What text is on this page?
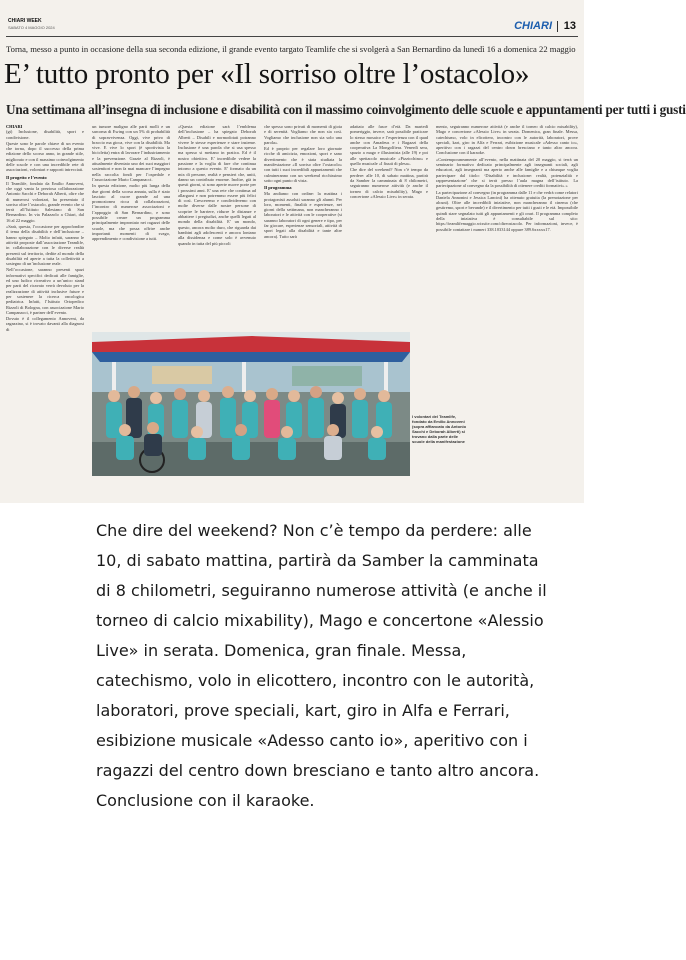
CHIARI WEEK
SABATO 4 MAGGIO 2024	CHIARI 13
Torna, messo a punto in occasione della sua seconda edizione, il grande evento targato Teamlife che si svolgerà a San Bernardino da lunedì 16 a domenica 22 maggio
E’ tutto pronto per «Il sorriso oltre l’ostacolo»
Una settimana all’insegna di inclusione e disabilità con il massimo coinvolgimento delle scuole e appuntamenti per tutti i gusti
CHIARI

(gt) Inclusione, disabilità, sport e condivisione.

Queste sono le parole chiave di un evento che torna, dopo il successo della prima edizione dello scorso anno, in grande stile, migliorato e con il massimo coinvolgimento delle scuole e con una incredibile rete di associazioni, volontari e rapporti intrecciati.

Il progetto e l’evento

Il Teamlife, fondato da Emilio Annoveni, che oggi vanta la preziosa collaborazione Antonio Sacchi e Deborah Alberti, oltre che di numerosi volontari, ha presentato il sorriso oltre l’ostacolo, grande evento che si terrà all’Istituto Salesiano di San Bernardino. In via Palazzolo a Chiari, dal 16 al 22 maggio.

«Sarà, questa, l’occasione per approfondire il tema della disabilità e dell’inclusione – hanno spiegato – Molto infatti, saranno le attività proposte dall’associazione Teamlife, in collaborazione con le diverse realtà presenti sul territorio, dedite al mondo della disabilità ed aperte a tutta la collettività a sostegno di un’inclusione reale.

Nell’occasione, saranno presenti spazi informativi specifici dedicati alle famiglie, ed uno ludico ricreativo a un’unico stand per parti del ricavato verrà devoluto per la realizzazione di attività inclusive future e per sostenere la ricerca oncologica pediatrica. Infatti, l’Istituto Ortopedico Rizzoli di Bologna, con associazione Mario Campanacci, è partner dell’evento.

Dovuto è il collegamento Annoveni, da ragazzino, si è trovato davanti alla diagnosi di

un tumore maligno alle parti molli e un sarcoma di Ewing con un 5% di probabilità di sopravvivenza. Oggi, vive privo di braccio ma gioca, vive con la disabilità. Ma vive. E vive lo sport (è sportivista la bicicletta) entra di lavorare l’industriamento e la prevenzione. Grazie al Rizzoli, è attualmente diventato uno dei suoi maggiori sostenitori e non fa mai mancare l’impegno nella raccolta fondi per l’ospedale e l’associazione Mario Campanacci.

In questa edizione, molto più lunga della due giorni della scorsa annata, sulla è stato lasciato al cuore grande ad una promozionea ricca di collaborazioni, l’incontro di numerose associazioni e l’appoggio di San Bernardino, e sono possibile creare un programma principalmente improntato nei ragazzi delle scuole, ma che possa offrire anche importanti momenti di svago, apprendimento e condivisione a tutti.

«Questa edizione sarà l’emblema dell’inclusione – ha spiegato Deborah Alberti – Disabili e normodotati potranno vivere le stesse esperienze e stare insieme. Inclusione è una parola che si usa spesso ma spesso si mettano in pratica. Ed è il nostro obiettivo. E’ incredibile vedere la passione e la voglia di fare che continua intorno a questo evento. E’ formato da un mix di persone, realtà e pensieri che, uniti, danno un contributo enorme. Inoltre, già in questi giorni, si sono aperte nuove porte per i prossimi anni. E’ una rete che continua ad allargarsi e non potremmo essere più felici di così. Cresceremo e condivideremo con molte diverse dalle nostre persone di scoprire le barriere, ridurre le distanze e abbattere i pregiudizi, anche quelli legati al mondo della disabilità. E’ un mondo, questo, ancora molto duro, che riguarda dai bambini agli adolescenti e ancora lontano alla dissidenza e come solo è avvenuto quando in tutta del più piccoli

che spesso sono privati di momenti di gioia e di serenità. Vogliamo che non sia così. Vogliamo che inclusione non sia solo una parola».

Ed è proprio per regalare loro giornate ricche di amicizia, emozioni, sport e sano divertimento che è stata studiata la manifestazione «Il sorriso oltre l’ostacolo» con tutti i suoi incredibili appuntamenti che culmineranno con un weekend ricchissimo sotto ogni punto di vista.

Il programma

Ma andiamo con ordine: la mattina i protagonisti assoluti saranno gli alunni. Per loro, momenti, finalità e esperienze, nei giorni della settimana, non mancheranno i laboratori e le attività con le cooperative (si saranno laboratori di ogni genere e tipo, per far giocare, esperienze sensoriali, attività di sport legati alla disabilità e tante altre ancora). Tutto sarà

adattato alle fasce d’età. Da martedì pomeriggio, invece, sarà possibile praticare lo stesso mosaico e l’esperienza con il quad anche con Amadeus e i Ragazzi della cooperativa La Mongolfiera. Venerdì sera, spazio a mago e illusionista (alle 19) e poi alle spettacolo musicale «Pizzicchino» e quello musicale «I fiuuti di plesa».

Che dire del weekend? Non c’è tempo da perdere: alle 10, di sabato mattina, partirà da Samber la camminata di 8 chilometri, seguiranno numerose attività (e anche il torneo di calcio mixability), Mago e concertone «Alessio Live» in serata.

mento, seguiranno numerose attività (e anche il torneo di calcio mixability), Mago e concertone «Alessio Live» in serata. Domenica, gran finale. Messa, catechismo, volo in elicottero, incontro con le autorità, laboratori, prove speciali, kart, giro in Alfa e Ferrari, esibizione musicale «Adesso canto io», aperitivo con i ragazzi del centro down bresciano e tanto altro ancora. Conclusione con il karaoke.

«Contemporaneamente all’evento, nella mattinata del 20 maggio, si terrà un seminario formativo dedicato principalmente agli insegnanti sociali, agli educatori, agli insegnanti ma aperto anche alle famiglie e a chiunque voglia partecipare dal titolo: ‘Disabilità e inclusione: realtà, potenzialità e rappresentazione’ che si terrà presso l’aula magna dell’istituto. La partecipazione al convegno da la possibilità di ottenere crediti formativi».»

La partecipazione al convegno (in programma dalle 11 e che vedrà come relatori Daniela Annonini e Jessica Lancini) ha ottenuto gratuita (la prenotazione per alcuni). Oltre alle incredibili iniziative, non mancheranno il cinema (che gestiremo, sport e bevande) e il divertimento per tutti i gusti e le età. Impossibile quindi stare segnalato tutti gli appuntamenti e gli orari. Il programma completo della iniziativa è consultabile sul sito: https://teamlifemaggio.wixsite.com/oltreostacolo. Per informazioni, invece, è possibile contattare i numeri 338.1033144 oppure 389.6xxxxx17.

I volontari del Teamlife, fondato da Emilio Annoveni (sopra affiancato da Antonio Sacchi e Deborah Alberti) si trovano dalla parte delle scuole della manifestazione

Che dire del weekend? Non c’è tempo da perdere: alle 10, di sabato mattina, partirà da Samber la camminata di 8 chilometri, seguiranno numerose attività (e anche il torneo di calcio mixability), Mago e concertone «Alessio Live» in serata. Domenica, gran finale. Messa, catechismo, volo in elicottero, incontro con le autorità, laboratori, prove speciali, kart, giro in Alfa e Ferrari, esibizione musicale «Adesso canto io», aperitivo con i ragazzi del centro down bresciano e tanto altro ancora. Conclusione con il karaoke.
